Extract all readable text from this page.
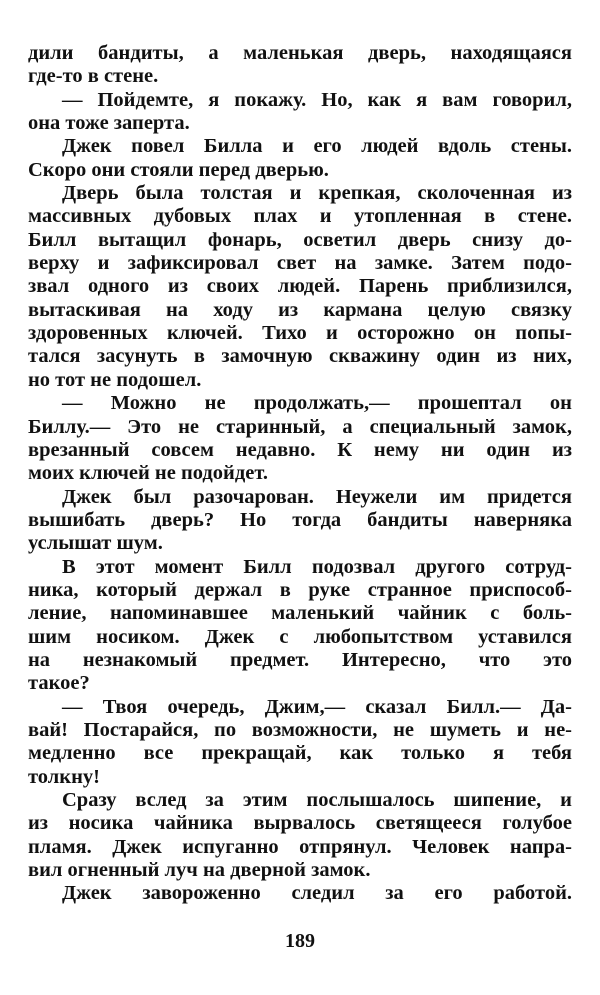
дили бандиты, а маленькая дверь, находящаяся
где-то в стене.
— Пойдемте, я покажу. Но, как я вам говорил,
она тоже заперта.
Джек повел Билла и его людей вдоль стены.
Скоро они стояли перед дверью.
Дверь была толстая и крепкая, сколоченная из
массивных дубовых плах и утопленная в стене.
Билл вытащил фонарь, осветил дверь снизу до-
верху и зафиксировал свет на замке. Затем подо-
звал одного из своих людей. Парень приблизился,
вытаскивая на ходу из кармана целую связку
здоровенных ключей. Тихо и осторожно он попы-
тался засунуть в замочную скважину один из них,
но тот не подошел.
— Можно не продолжать,— прошептал он
Биллу.— Это не старинный, а специальный замок,
врезанный совсем недавно. К нему ни один из
моих ключей не подойдет.
Джек был разочарован. Неужели им придется
вышибать дверь? Но тогда бандиты наверняка
услышат шум.
В этот момент Билл подозвал другого сотруд-
ника, который держал в руке странное приспособ-
ление, напоминавшее маленький чайник с боль-
шим носиком. Джек с любопытством уставился
на незнакомый предмет. Интересно, что это
такое?
— Твоя очередь, Джим,— сказал Билл.— Да-
вай! Постарайся, по возможности, не шуметь и не-
медленно все прекращай, как только я тебя
толкну!
Сразу вслед за этим послышалось шипение, и
из носика чайника вырвалось светящееся голубое
пламя. Джек испуганно отпрянул. Человек напра-
вил огненный луч на дверной замок.
Джек завороженно следил за его работой.
189
